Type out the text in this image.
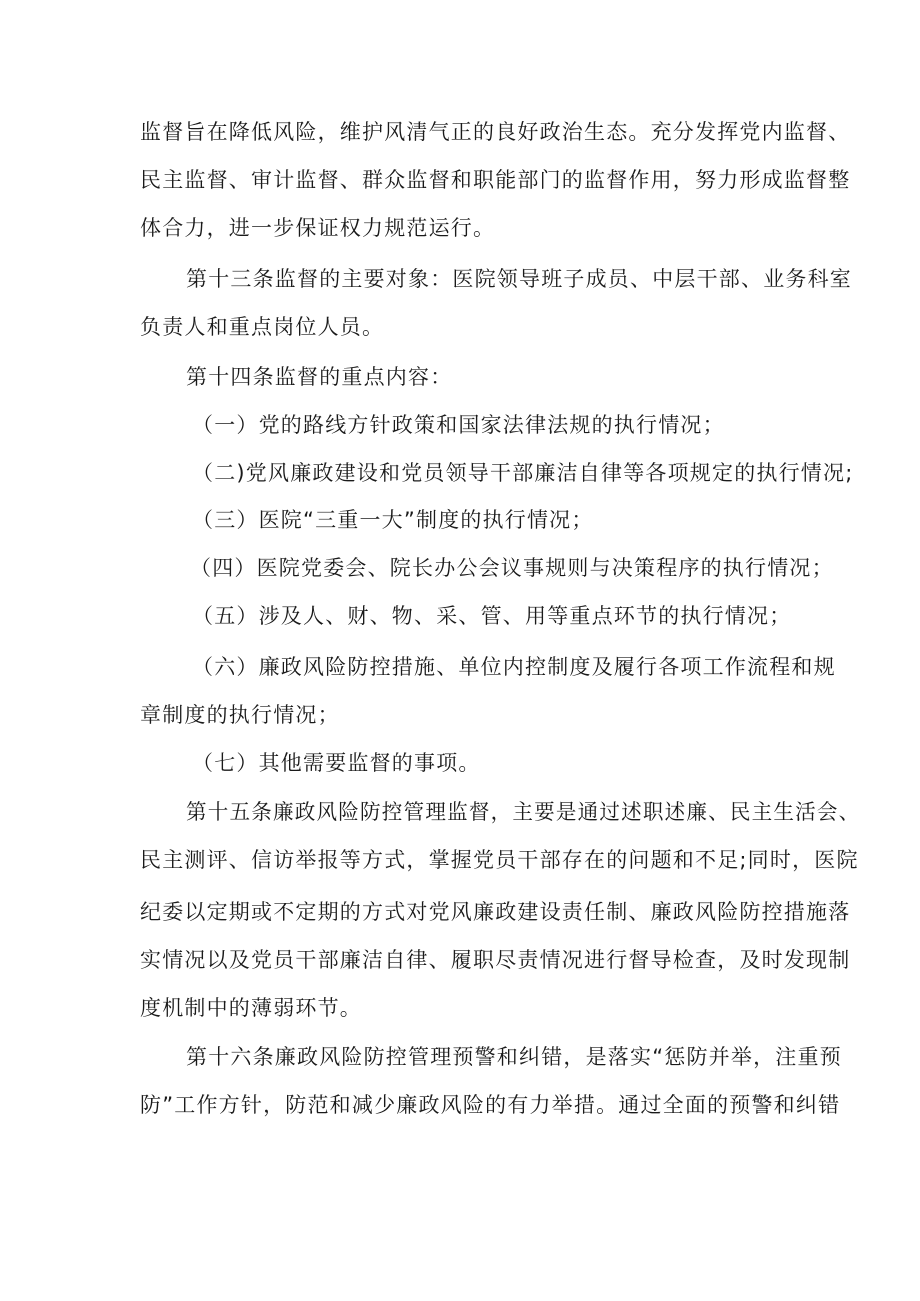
监督旨在降低风险，维护风清气正的良好政治生态。充分发挥党内监督、
民主监督、审计监督、群众监督和职能部门的监督作用，努力形成监督整
体合力，进一步保证权力规范运行。
第十三条监督的主要对象：医院领导班子成员、中层干部、业务科室
负责人和重点岗位人员。
第十四条监督的重点内容：
（一）党的路线方针政策和国家法律法规的执行情况；
（二)党风廉政建设和党员领导干部廉洁自律等各项规定的执行情况;
（三）医院“三重一大”制度的执行情况；
（四）医院党委会、院长办公会议事规则与决策程序的执行情况；
（五）涉及人、财、物、采、管、用等重点环节的执行情况；
（六）廉政风险防控措施、单位内控制度及履行各项工作流程和规
章制度的执行情况；
（七）其他需要监督的事项。
第十五条廉政风险防控管理监督，主要是通过述职述廉、民主生活会、
民主测评、信访举报等方式，掌握党员干部存在的问题和不足;同时，医院
纪委以定期或不定期的方式对党风廉政建设责任制、廉政风险防控措施落
实情况以及党员干部廉洁自律、履职尽责情况进行督导检查，及时发现制
度机制中的薄弱环节。
第十六条廉政风险防控管理预警和纠错，是落实“惩防并举，注重预
防”工作方针，防范和减少廉政风险的有力举措。通过全面的预警和纠错
